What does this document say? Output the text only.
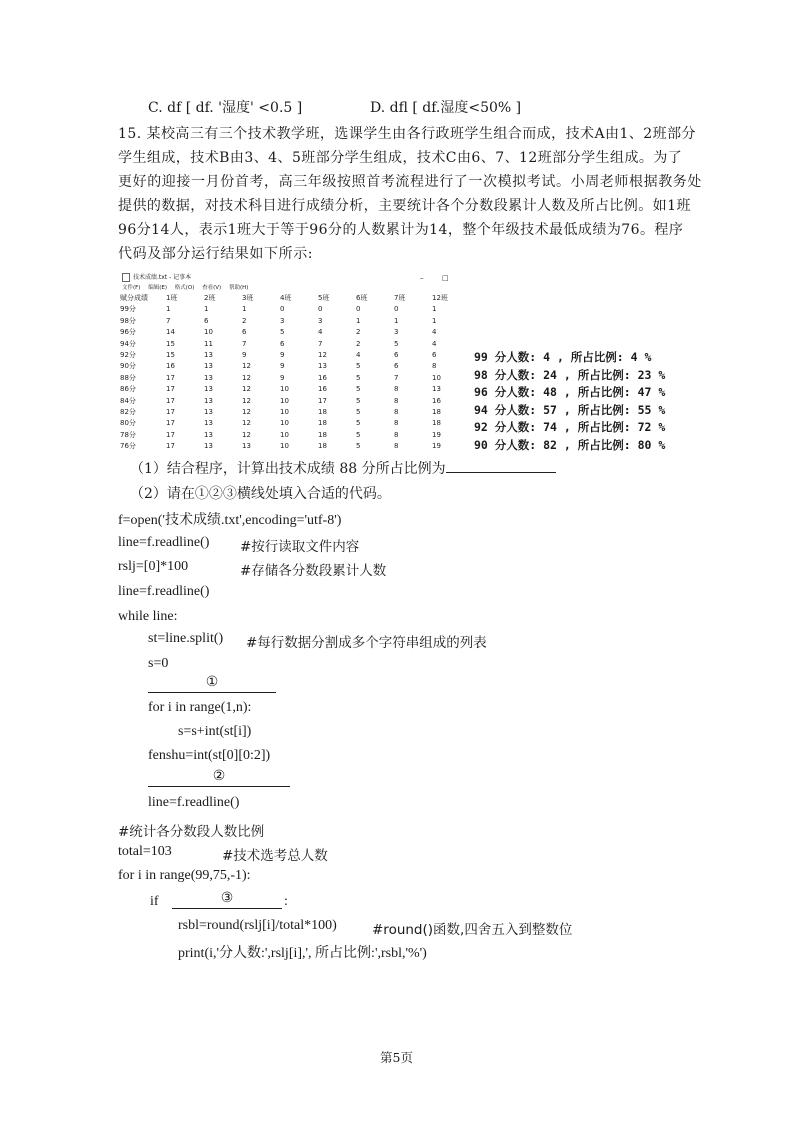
C. df [ df. '湿度' <0.5 ]	D. dfl [ df.湿度<50% ]
15. 某校高三有三个技术教学班，选课学生由各行政班学生组合而成，技术A由1、2班部分
学生组成，技术B由3、4、5班部分学生组成，技术C由6、7、12班部分学生组成。为了
更好的迎接一月份首考，高三年级按照首考流程进行了一次模拟考试。小周老师根据教务处
提供的数据，对技术科目进行成绩分析，主要统计各个分数段累计人数及所占比例。如1班
96分14人，表示1班大于等于96分的人数累计为14，整个年级技术最低成绩为76。程序
代码及部分运行结果如下所示:
技术成绩.txt - 记事本	–	□
文件(F) 编辑(E) 格式(O) 查看(V) 帮助(H)
赋分成绩	1班	2班	3班	4班	5班	6班	7班	12班
99分	1	1	1	0	0	0	0	1
98分	7	6	2	3	3	1	1	1
96分	14	10	6	5	4	2	3	4
94分	15	11	7	6	7	2	5	4
92分	15	13	9	9	12	4	6	6
90分	16	13	12	9	13	5	6	8
88分	17	13	12	9	16	5	7	10
86分	17	13	12	10	16	5	8	13
84分	17	13	12	10	17	5	8	16
82分	17	13	12	10	18	5	8	18
80分	17	13	12	10	18	5	8	18
78分	17	13	12	10	18	5	8	19
76分	17	13	13	10	18	5	8	19
99 分人数: 4 , 所占比例: 4 %
98 分人数: 24 , 所占比例: 23 %
96 分人数: 48 , 所占比例: 47 %
94 分人数: 57 , 所占比例: 55 %
92 分人数: 74 , 所占比例: 72 %
90 分人数: 82 , 所占比例: 80 %
（1）结合程序，计算出技术成绩 88 分所占比例为
（2）请在①②③横线处填入合适的代码。
f=open('技术成绩.txt',encoding='utf-8')
line=f.readline() #按行读取文件内容
rslj=[0]*100	#存储各分数段累计人数
line=f.readline()
while line:
st=line.split() #每行数据分割成多个字符串组成的列表
s=0
①
for i in range(1,n):
s=s+int(st[i])
fenshu=int(st[0][0:2])
②
line=f.readline()
#统计各分数段人数比例
total=103	#技术选考总人数
for i in range(99,75,-1):
if	③	:
rsbl=round(rslj[i]/total*100)	#round()函数,四舍五入到整数位
print(i,'分人数:',rslj[i],', 所占比例:',rsbl,'%')
第5页
